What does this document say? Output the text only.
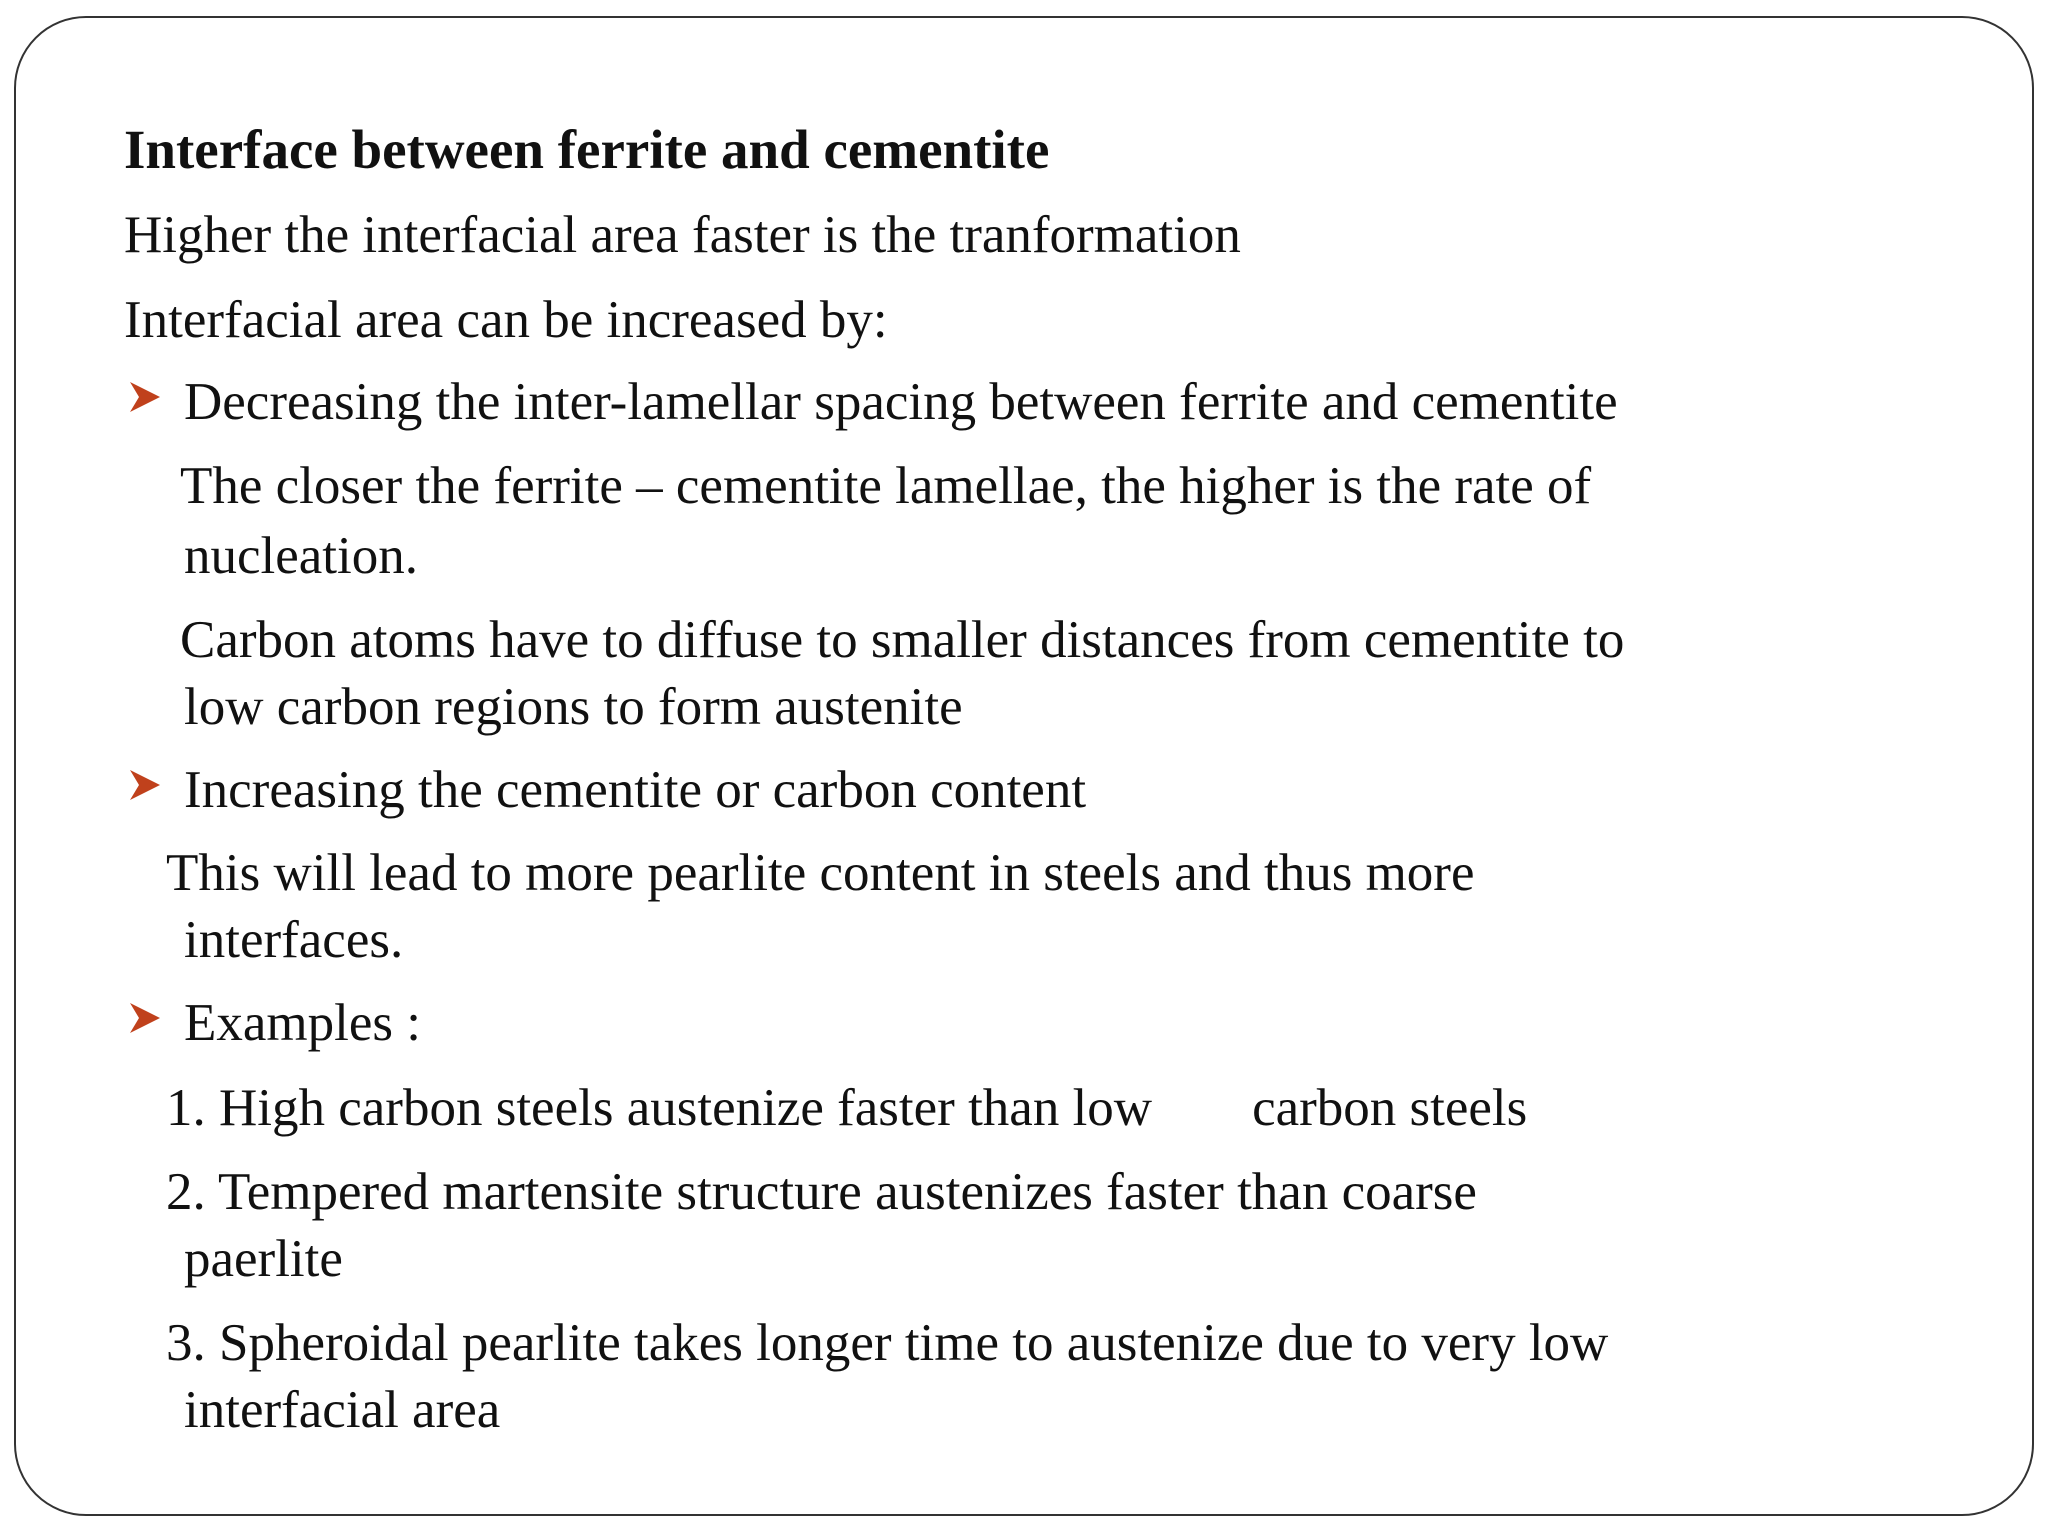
Interface between ferrite and cementite
Higher the interfacial area faster is the tranformation
Interfacial area can be increased by:
Decreasing the inter-lamellar spacing between ferrite and cementite
The closer the ferrite – cementite lamellae, the higher is the rate of
nucleation.
Carbon atoms have to diffuse to smaller distances from cementite to
low carbon regions to form austenite
Increasing the cementite or carbon content
This will lead to more pearlite content in steels and thus more
interfaces.
Examples :
1. High carbon steels austenize faster than low carbon steels
2. Tempered martensite structure austenizes faster than coarse
paerlite
3. Spheroidal pearlite takes longer time to austenize due to very low
interfacial area
